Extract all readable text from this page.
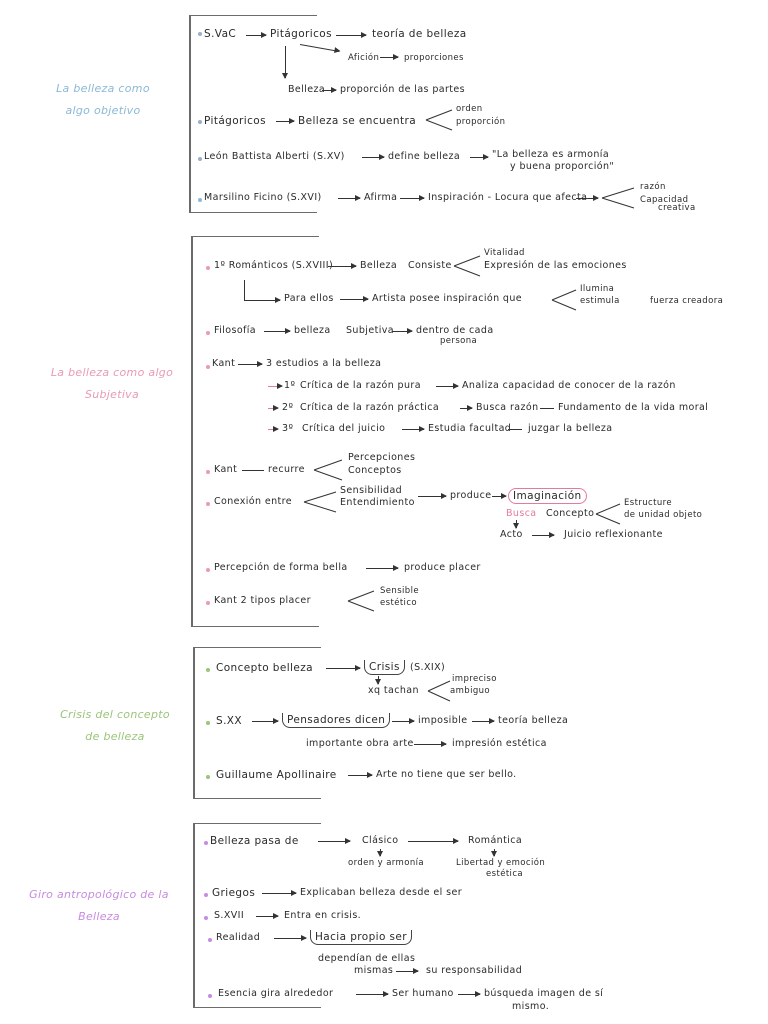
La belleza como
algo objetivo
S.VaC	Pitágoricos	teoría de belleza
Afición	proporciones
Belleza proporción de las partes
Pitágoricos	Belleza se encuentra
orden
proporción
León Battista Alberti (S.XV)	define belleza	"La belleza es armonía
y buena proporción"
Marsilino Ficino (S.XVI)	Afirma	Inspiración - Locura que afecta
razón
Capacidad
creativa
La belleza como algo
Subjetiva
1º Románticos (S.XVIII)	Belleza Consiste
Vitalidad
Expresión de las emociones
Para ellos	Artista posee inspiración que
Ilumina
estimula	fuerza creadora
Filosofía	belleza Subjetiva dentro de cada
persona
Kant	3 estudios a la belleza
1º Crítica de la razón pura	Analiza capacidad de conocer de la razón
2º Crítica de la razón práctica	Busca razón Fundamento de la vida moral
3º Crítica del juicio	Estudia facultad juzgar la belleza
Kant	recurre
Percepciones
Conceptos
Conexión entre
Sensibilidad
Entendimiento
produce	Imaginación
Busca Concepto
Estructure
de unidad objeto
Acto	Juicio reflexionante
Percepción de forma bella	produce placer
Kant 2 tipos placer
Sensible
estético
Crisis del concepto
de belleza
Concepto belleza	Crisis	(S.XIX)
xq tachan
impreciso
ambiguo
S.XX	Pensadores dicen	imposible	teoría belleza
importante obra arte	impresión estética
Guillaume Apollinaire	Arte no tiene que ser bello.
Giro antropológico de la
Belleza
Belleza pasa de	Clásico	Romántica
orden y armonía	Libertad y emoción
estética
Griegos	Explicaban belleza desde el ser
S.XVII	Entra en crisis.
Realidad	Hacia propio ser
dependían de ellas
mismas	su responsabilidad
Esencia gira alrededor	Ser humano	búsqueda imagen de sí
mismo.
